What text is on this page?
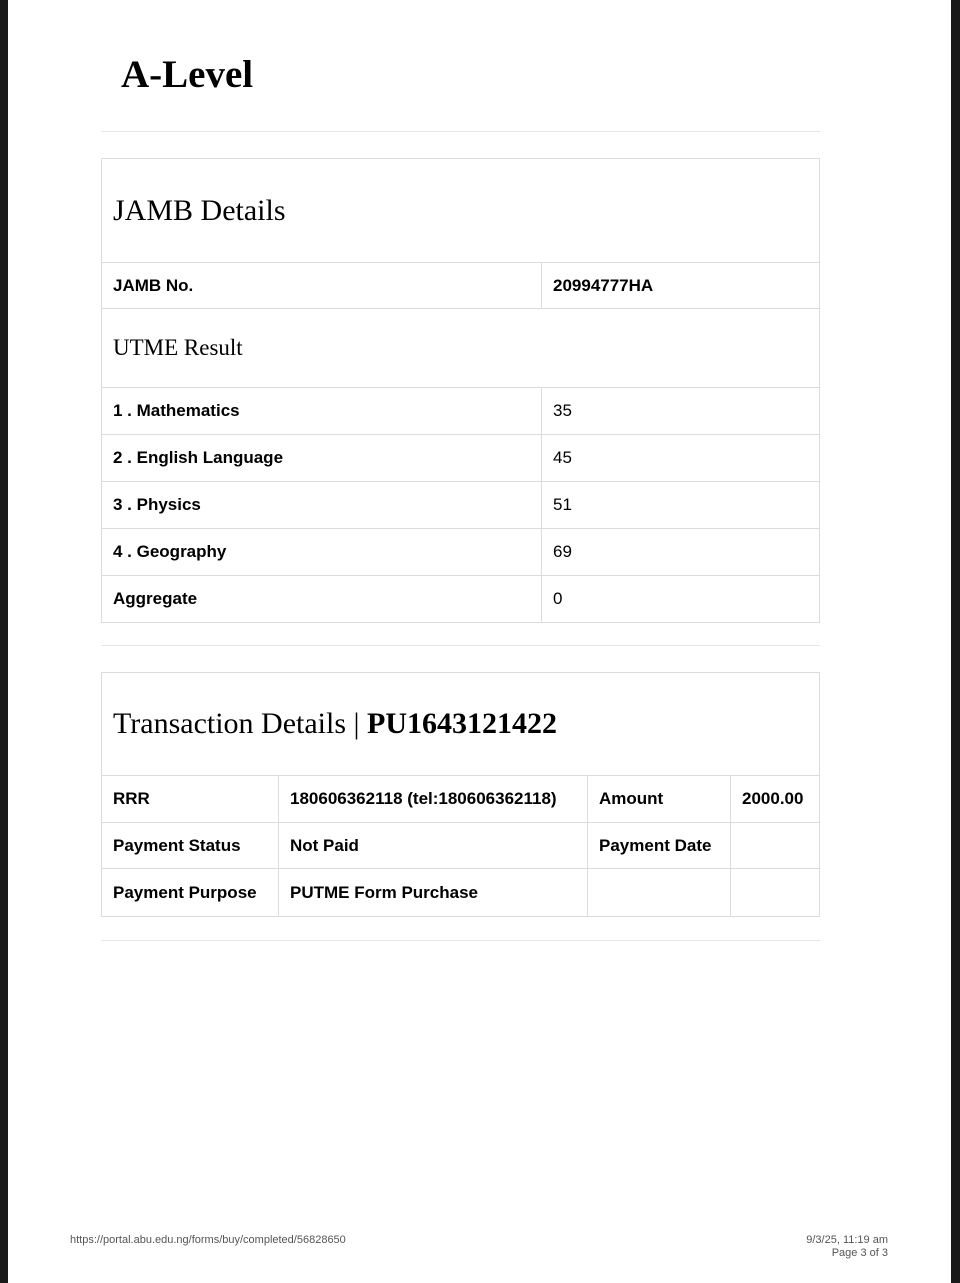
A-Level
JAMB Details
JAMB No.	20994777HA
UTME Result
1 . Mathematics	35
2 . English Language	45
3 . Physics	51
4 . Geography	69
Aggregate	0
Transaction Details |
PU1643121422
RRR	180606362118 (tel:180606362118)	Amount	2000.00
Payment Status	Not Paid	Payment Date
Payment Purpose	PUTME Form Purchase
https://portal.abu.edu.ng/forms/buy/completed/56828650	9/3/25, 11:19 am
Page 3 of 3
